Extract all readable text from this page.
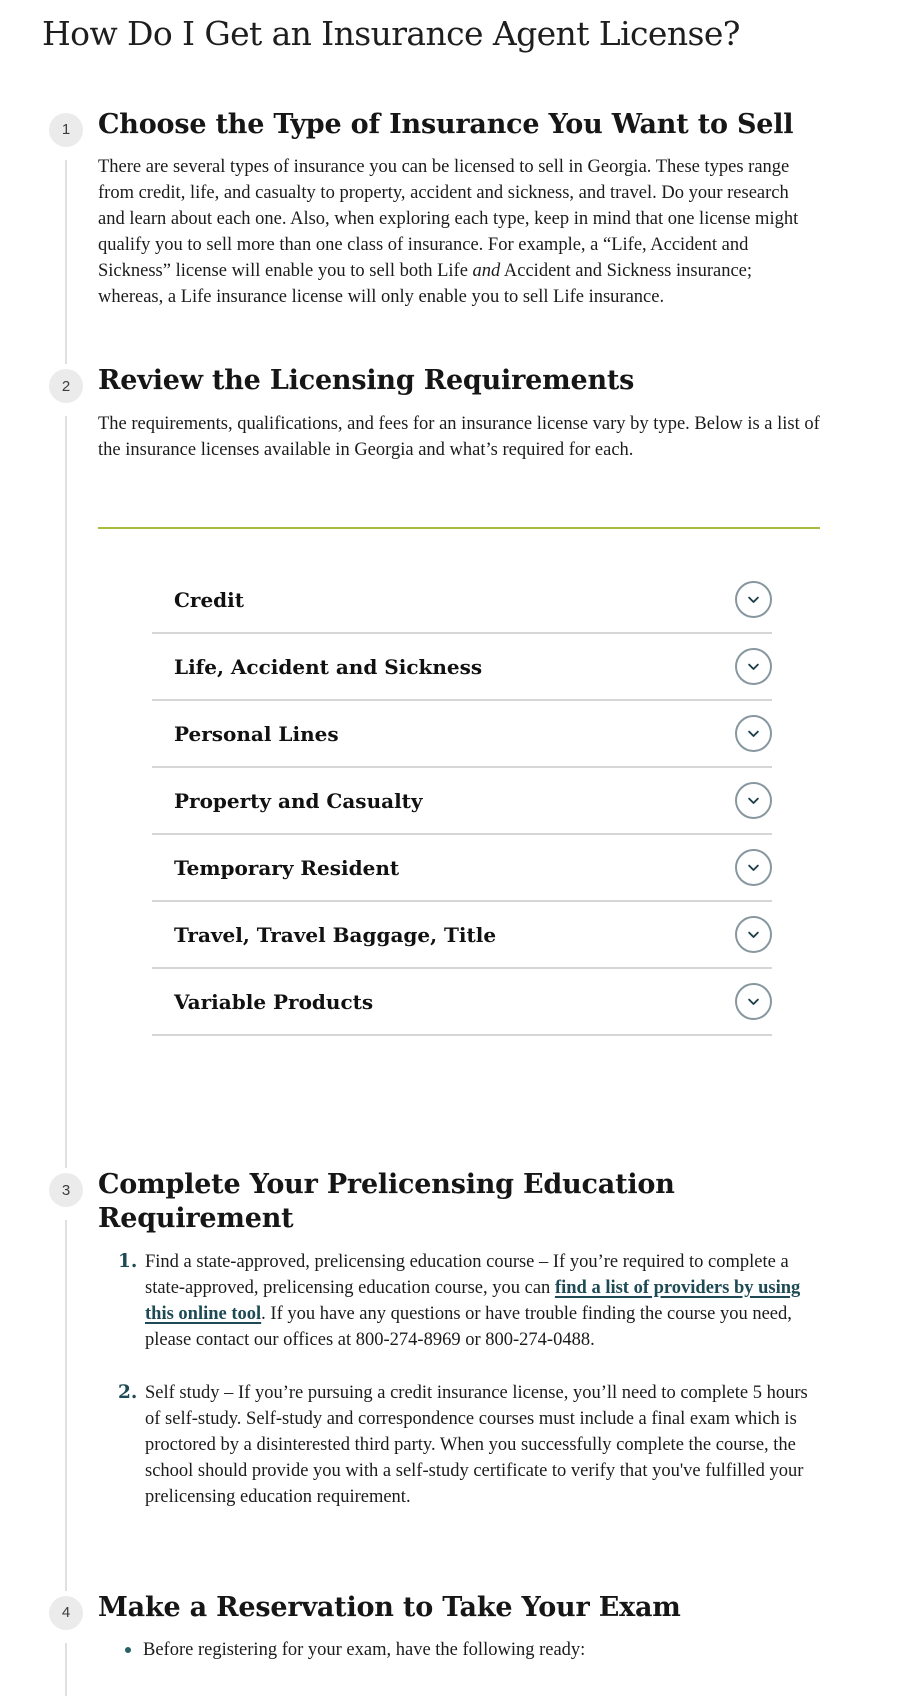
How Do I Get an Insurance Agent License?
1	Choose the Type of Insurance You Want to Sell

There are several types of insurance you can be licensed to sell in Georgia. These types range from credit, life, and casualty to property, accident and sickness, and travel. Do your research and learn about each one. Also, when exploring each type, keep in mind that one license might qualify you to sell more than one class of insurance. For example, a “Life, Accident and Sickness” license will enable you to sell both Life and Accident and Sickness insurance; whereas, a Life insurance license will only enable you to sell Life insurance.

2	Review the Licensing Requirements

The requirements, qualifications, and fees for an insurance license vary by type. Below is a list of the insurance licenses available in Georgia and what’s required for each.

Credit
Life, Accident and Sickness
Personal Lines
Property and Casualty
Temporary Resident
Travel, Travel Baggage, Title
Variable Products
3	Complete Your Prelicensing Education Requirement
1. Find a state-approved, prelicensing education course – If you’re required to complete a state-approved, prelicensing education course, you can find a list of providers by using this online tool. If you have any questions or have trouble finding the course you need, please contact our offices at 800-274-8969 or 800-274-0488.
2. Self study – If you’re pursuing a credit insurance license, you’ll need to complete 5 hours of self-study. Self-study and correspondence courses must include a final exam which is proctored by a disinterested third party. When you successfully complete the course, the school should provide you with a self-study certificate to verify that you've fulfilled your prelicensing education requirement.
4	Make a Reservation to Take Your Exam
Before registering for your exam, have the following ready:
